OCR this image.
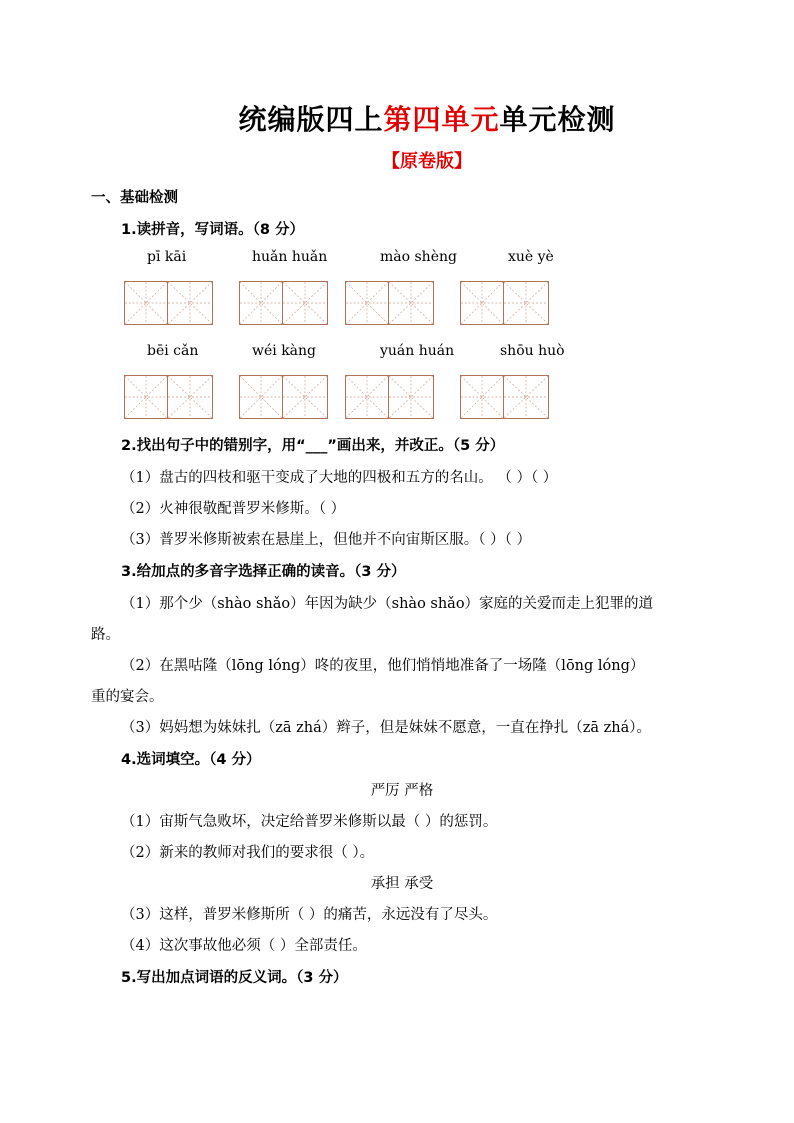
统编版四上第四单元单元检测
【原卷版】
一、基础检测
1.读拼音，写词语。（8 分）
pī kāi	huǎn huǎn	mào shèng	xuè yè
bēi cǎn	wéi kàng	yuán huán	shōu huò
2.找出句子中的错别字，用“___”画出来，并改正。（5 分）
（1）盘古的四枝和驱干变成了大地的四极和五方的名山。 （ ）（ ）
（2）火神很敬配普罗米修斯。（ ）
（3）普罗米修斯被索在悬崖上，但他并不向宙斯区服。（ ）（ ）
3.给加点的多音字选择正确的读音。（3 分）
（1）那个少（shào shǎo）年因为缺少（shào shǎo）家庭的关爱而走上犯罪的道
路。
（2）在黑咕隆（lōng lóng）咚的夜里，他们悄悄地准备了一场隆（lōng lóng）
重的宴会。
（3）妈妈想为妹妹扎（zā zhá）辫子，但是妹妹不愿意，一直在挣扎（zā zhá）。
4.选词填空。（4 分）
严厉 严格
（1）宙斯气急败坏，决定给普罗米修斯以最（ ）的惩罚。
（2）新来的教师对我们的要求很（ ）。
承担 承受
（3）这样，普罗米修斯所（ ）的痛苦，永远没有了尽头。
（4）这次事故他必须（ ）全部责任。
5.写出加点词语的反义词。（3 分）
